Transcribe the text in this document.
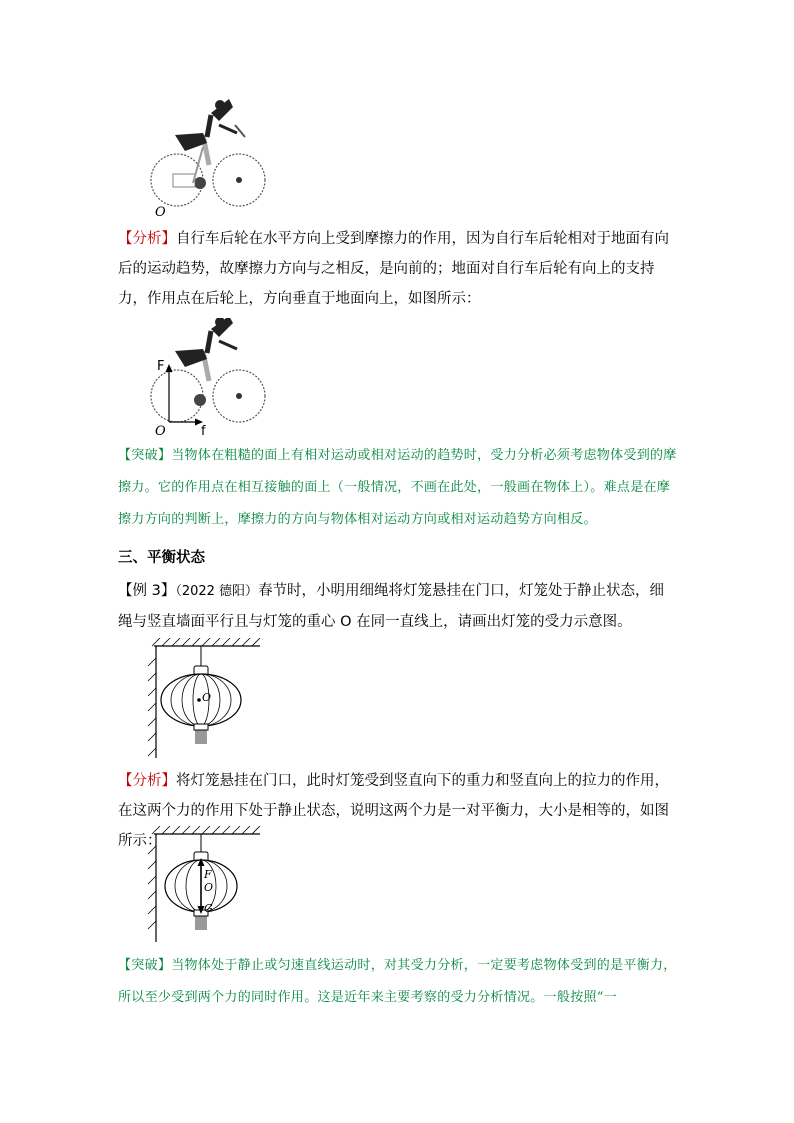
O
【分析】自行车后轮在水平方向上受到摩擦力的作用，因为自行车后轮相对于地面有向后的运动趋势，故摩擦力方向与之相反，是向前的；地面对自行车后轮有向上的支持力，作用点在后轮上，方向垂直于地面向上，如图所示：
F 支
O	f
【突破】当物体在粗糙的面上有相对运动或相对运动的趋势时，受力分析必须考虑物体受到的摩擦力。它的作用点在相互接触的面上（一般情况，不画在此处，一般画在物体上）。难点是在摩擦力方向的判断上，摩擦力的方向与物体相对运动方向或相对运动趋势方向相反。
三、平衡状态
【例 3】（2022 德阳）春节时，小明用细绳将灯笼悬挂在门口，灯笼处于静止状态，细绳与竖直墙面平行且与灯笼的重心 O 在同一直线上，请画出灯笼的受力示意图。
O
【分析】将灯笼悬挂在门口，此时灯笼受到竖直向下的重力和竖直向上的拉力的作用，在这两个力的作用下处于静止状态，说明这两个力是一对平衡力，大小是相等的，如图所示：
F
O
G
【突破】当物体处于静止或匀速直线运动时，对其受力分析，一定要考虑物体受到的是平衡力，所以至少受到两个力的同时作用。这是近年来主要考察的受力分析情况。一般按照“一
